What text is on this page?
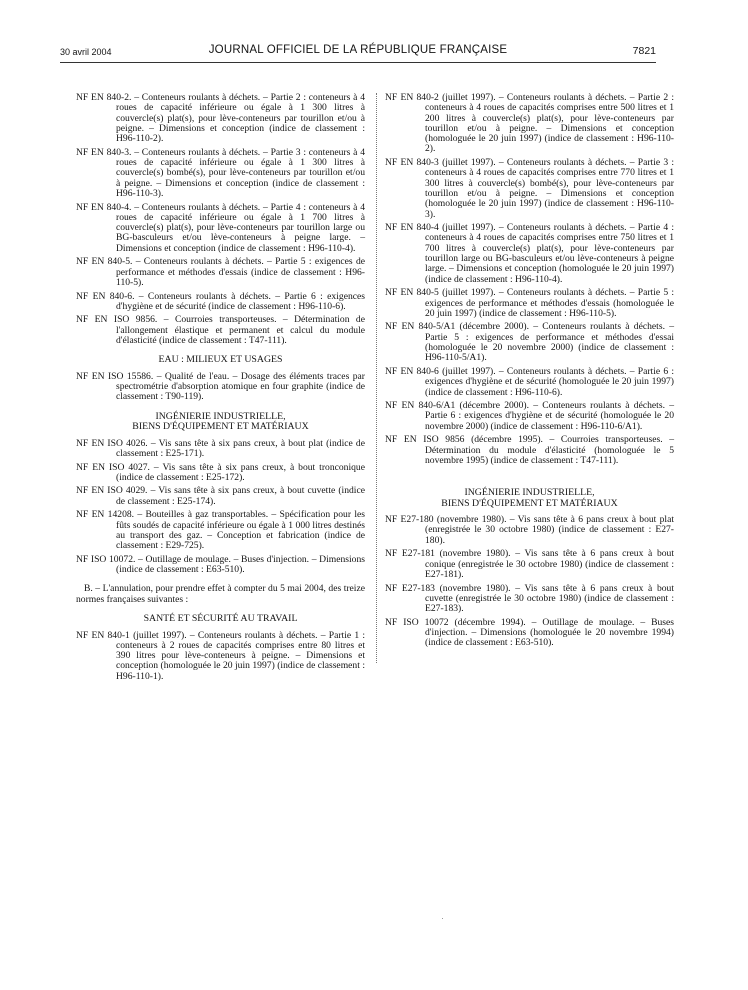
30 avril 2004	JOURNAL OFFICIEL DE LA RÉPUBLIQUE FRANÇAISE	7821

NF EN 840-2. – Conteneurs roulants à déchets. – Partie 2 : conteneurs à 4 roues de capacité inférieure ou égale à 1 300 litres à couvercle(s) plat(s), pour lève-conteneurs par tourillon et/ou à peigne. – Dimensions et conception (indice de classement : H96-110-2).

NF EN 840-3. – Conteneurs roulants à déchets. – Partie 3 : conteneurs à 4 roues de capacité inférieure ou égale à 1 300 litres à couvercle(s) bombé(s), pour lève-conteneurs par tourillon et/ou à peigne. – Dimensions et conception (indice de classement : H96-110-3).

NF EN 840-4. – Conteneurs roulants à déchets. – Partie 4 : conteneurs à 4 roues de capacité inférieure ou égale à 1 700 litres à couvercle(s) plat(s), pour lève-conteneurs par tourillon large ou BG-basculeurs et/ou lève-conteneurs à peigne large. – Dimensions et conception (indice de classement : H96-110-4).

NF EN 840-5. – Conteneurs roulants à déchets. – Partie 5 : exigences de performance et méthodes d'essais (indice de classement : H96-110-5).

NF EN 840-6. – Conteneurs roulants à déchets. – Partie 6 : exigences d'hygiène et de sécurité (indice de classement : H96-110-6).

NF EN ISO 9856. – Courroies transporteuses. – Détermination de l'allongement élastique et permanent et calcul du module d'élasticité (indice de classement : T47-111).

EAU : MILIEUX ET USAGES

NF EN ISO 15586. – Qualité de l'eau. – Dosage des éléments traces par spectrométrie d'absorption atomique en four graphite (indice de classement : T90-119).

INGÉNIERIE INDUSTRIELLE,
BIENS D'ÉQUIPEMENT ET MATÉRIAUX

NF EN ISO 4026. – Vis sans tête à six pans creux, à bout plat (indice de classement : E25-171).

NF EN ISO 4027. – Vis sans tête à six pans creux, à bout tronconique (indice de classement : E25-172).

NF EN ISO 4029. – Vis sans tête à six pans creux, à bout cuvette (indice de classement : E25-174).

NF EN 14208. – Bouteilles à gaz transportables. – Spécification pour les fûts soudés de capacité inférieure ou égale à 1 000 litres destinés au transport des gaz. – Conception et fabrication (indice de classement : E29-725).

NF ISO 10072. – Outillage de moulage. – Buses d'injection. – Dimensions (indice de classement : E63-510).

B. – L'annulation, pour prendre effet à compter du 5 mai 2004, des treize normes françaises suivantes :

SANTÉ ET SÉCURITÉ AU TRAVAIL

NF EN 840-1 (juillet 1997). – Conteneurs roulants à déchets. – Partie 1 : conteneurs à 2 roues de capacités comprises entre 80 litres et 390 litres pour lève-conteneurs à peigne. – Dimensions et conception (homologuée le 20 juin 1997) (indice de classement : H96-110-1).

NF EN 840-2 (juillet 1997). – Conteneurs roulants à déchets. – Partie 2 : conteneurs à 4 roues de capacités comprises entre 500 litres et 1 200 litres à couvercle(s) plat(s), pour lève-conteneurs par tourillon et/ou à peigne. – Dimensions et conception (homologuée le 20 juin 1997) (indice de classement : H96-110-2).

NF EN 840-3 (juillet 1997). – Conteneurs roulants à déchets. – Partie 3 : conteneurs à 4 roues de capacités comprises entre 770 litres et 1 300 litres à couvercle(s) bombé(s), pour lève-conteneurs par tourillon et/ou à peigne. – Dimensions et conception (homologuée le 20 juin 1997) (indice de classement : H96-110-3).

NF EN 840-4 (juillet 1997). – Conteneurs roulants à déchets. – Partie 4 : conteneurs à 4 roues de capacités comprises entre 750 litres et 1 700 litres à couvercle(s) plat(s), pour lève-conteneurs par tourillon large ou BG-basculeurs et/ou lève-conteneurs à peigne large. – Dimensions et conception (homologuée le 20 juin 1997) (indice de classement : H96-110-4).

NF EN 840-5 (juillet 1997). – Conteneurs roulants à déchets. – Partie 5 : exigences de performance et méthodes d'essais (homologuée le 20 juin 1997) (indice de classement : H96-110-5).

NF EN 840-5/A1 (décembre 2000). – Conteneurs roulants à déchets. – Partie 5 : exigences de performance et méthodes d'essai (homologuée le 20 novembre 2000) (indice de classement : H96-110-5/A1).

NF EN 840-6 (juillet 1997). – Conteneurs roulants à déchets. – Partie 6 : exigences d'hygiène et de sécurité (homologuée le 20 juin 1997) (indice de classement : H96-110-6).

NF EN 840-6/A1 (décembre 2000). – Conteneurs roulants à déchets. – Partie 6 : exigences d'hygiène et de sécurité (homologuée le 20 novembre 2000) (indice de classement : H96-110-6/A1).

NF EN ISO 9856 (décembre 1995). – Courroies transporteuses. – Détermination du module d'élasticité (homologuée le 5 novembre 1995) (indice de classement : T47-111).

INGÉNIERIE INDUSTRIELLE,
BIENS D'ÉQUIPEMENT ET MATÉRIAUX

NF E27-180 (novembre 1980). – Vis sans tête à 6 pans creux à bout plat (enregistrée le 30 octobre 1980) (indice de classement : E27-180).

NF E27-181 (novembre 1980). – Vis sans tête à 6 pans creux à bout conique (enregistrée le 30 octobre 1980) (indice de classement : E27-181).

NF E27-183 (novembre 1980). – Vis sans tête à 6 pans creux à bout cuvette (enregistrée le 30 octobre 1980) (indice de classement : E27-183).

NF ISO 10072 (décembre 1994). – Outillage de moulage. – Buses d'injection. – Dimensions (homologuée le 20 novembre 1994) (indice de classement : E63-510).
